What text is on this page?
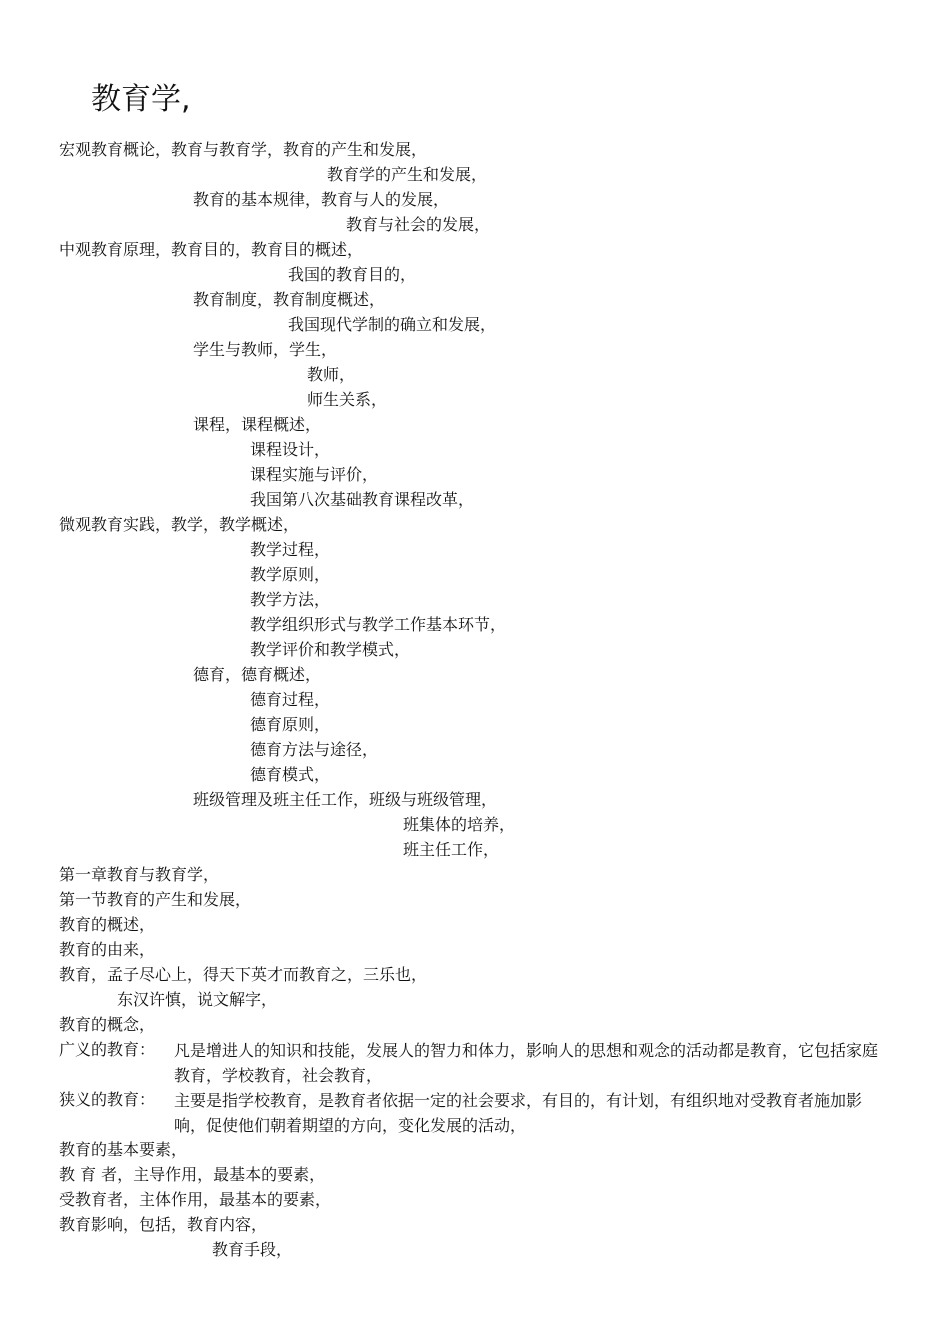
教育学,
宏观教育概论，教育与教育学，教育的产生和发展，
教育学的产生和发展，
教育的基本规律，教育与人的发展，
教育与社会的发展，
中观教育原理，教育目的，教育目的概述，
我国的教育目的，
教育制度，教育制度概述，
我国现代学制的确立和发展，
学生与教师，学生，
教师，
师生关系，
课程，课程概述，
课程设计，
课程实施与评价，
我国第八次基础教育课程改革，
微观教育实践，教学，教学概述，
教学过程，
教学原则，
教学方法，
教学组织形式与教学工作基本环节，
教学评价和教学模式，
德育，德育概述，
德育过程，
德育原则，
德育方法与途径，
德育模式，
班级管理及班主任工作，班级与班级管理，
班集体的培养，
班主任工作，
第一章教育与教育学，
第一节教育的产生和发展，
教育的概述，
教育的由来，
教育，孟子尽心上，得天下英才而教育之，三乐也，
东汉许慎，说文解字，
教育的概念，
广义的教育： 凡是增进人的知识和技能，发展人的智力和体力，影响人的思想和观念的活动都是教育，它包括家庭教育，学校教育，社会教育，
狭义的教育： 主要是指学校教育，是教育者依据一定的社会要求，有目的，有计划，有组织地对受教育者施加影响，促使他们朝着期望的方向，变化发展的活动，
教育的基本要素，
教 育 者，主导作用，最基本的要素，
受教育者，主体作用，最基本的要素，
教育影响，包括，教育内容，
教育手段，
